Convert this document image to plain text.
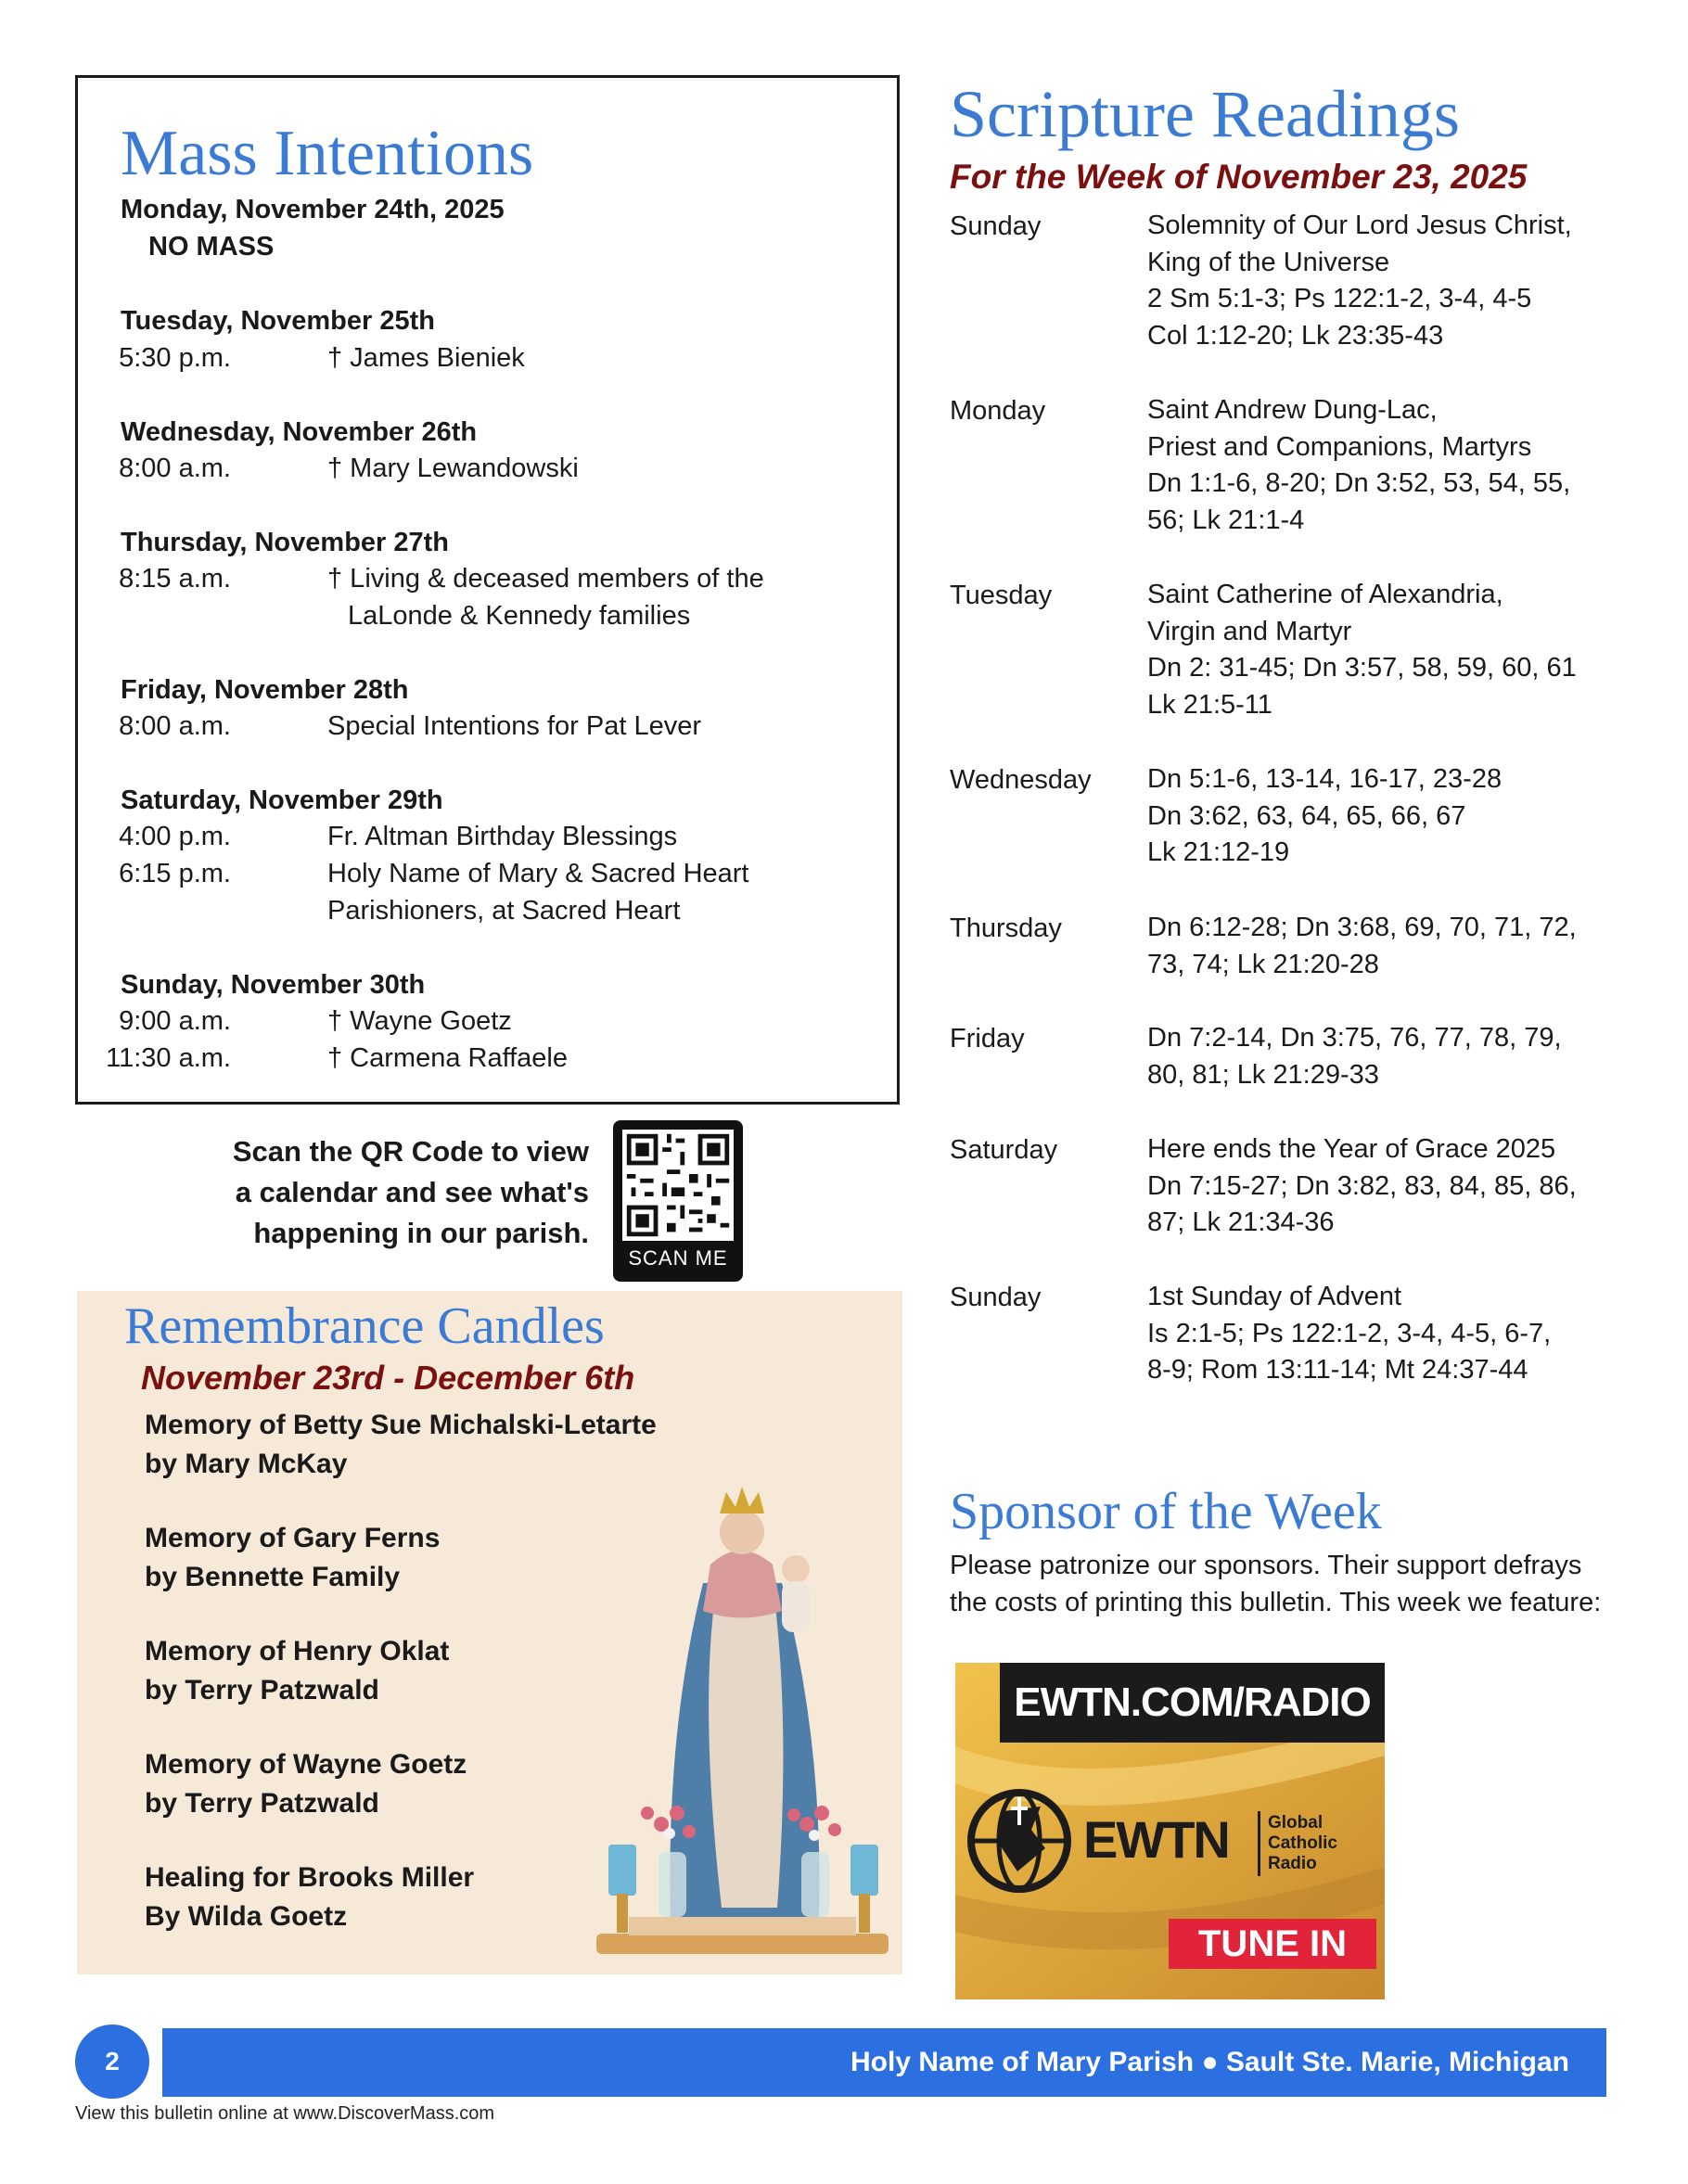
Mass Intentions
Monday, November 24th, 2025
NO MASS
Tuesday, November 25th
5:30 p.m.	† James Bieniek
Wednesday, November 26th
8:00 a.m.	† Mary Lewandowski
Thursday, November 27th
8:15 a.m.	† Living & deceased members of the
LaLonde & Kennedy families
Friday, November 28th
8:00 a.m.	Special Intentions for Pat Lever
Saturday, November 29th
4:00 p.m.	Fr. Altman Birthday Blessings
6:15 p.m.	Holy Name of Mary & Sacred Heart
Parishioners, at Sacred Heart
Sunday, November 30th
9:00 a.m.	† Wayne Goetz
11:30 a.m.	† Carmena Raffaele
Scan the QR Code to view
a calendar and see what's
happening in our parish.
SCAN ME
Remembrance Candles
November 23rd - December 6th
Memory of Betty Sue Michalski-Letarte
by Mary McKay
Memory of Gary Ferns
by Bennette Family
Memory of Henry Oklat
by Terry Patzwald
Memory of Wayne Goetz
by Terry Patzwald
Healing for Brooks Miller
By Wilda Goetz
Scripture Readings
For the Week of November 23, 2025
Sunday	Solemnity of Our Lord Jesus Christ,
King of the Universe
2 Sm 5:1-3; Ps 122:1-2, 3-4, 4-5
Col 1:12-20; Lk 23:35-43
Monday	Saint Andrew Dung-Lac,
Priest and Companions, Martyrs
Dn 1:1-6, 8-20; Dn 3:52, 53, 54, 55,
56; Lk 21:1-4
Tuesday	Saint Catherine of Alexandria,
Virgin and Martyr
Dn 2: 31-45; Dn 3:57, 58, 59, 60, 61
Lk 21:5-11
Wednesday Dn 5:1-6, 13-14, 16-17, 23-28
Dn 3:62, 63, 64, 65, 66, 67
Lk 21:12-19
Thursday	Dn 6:12-28; Dn 3:68, 69, 70, 71, 72,
73, 74; Lk 21:20-28
Friday	Dn 7:2-14, Dn 3:75, 76, 77, 78, 79,
80, 81; Lk 21:29-33
Saturday	Here ends the Year of Grace 2025
Dn 7:15-27; Dn 3:82, 83, 84, 85, 86,
87; Lk 21:34-36
Sunday	1st Sunday of Advent
Is 2:1-5; Ps 122:1-2, 3-4, 4-5, 6-7,
8-9; Rom 13:11-14; Mt 24:37-44
Sponsor of the Week
Please patronize our sponsors. Their support defrays the costs of printing this bulletin. This week we feature:
EWTN.COM/RADIO
EWTN Global
Catholic
Radio
TUNE IN
2	Holy Name of Mary Parish ● Sault Ste. Marie, Michigan
View this bulletin online at www.DiscoverMass.com
